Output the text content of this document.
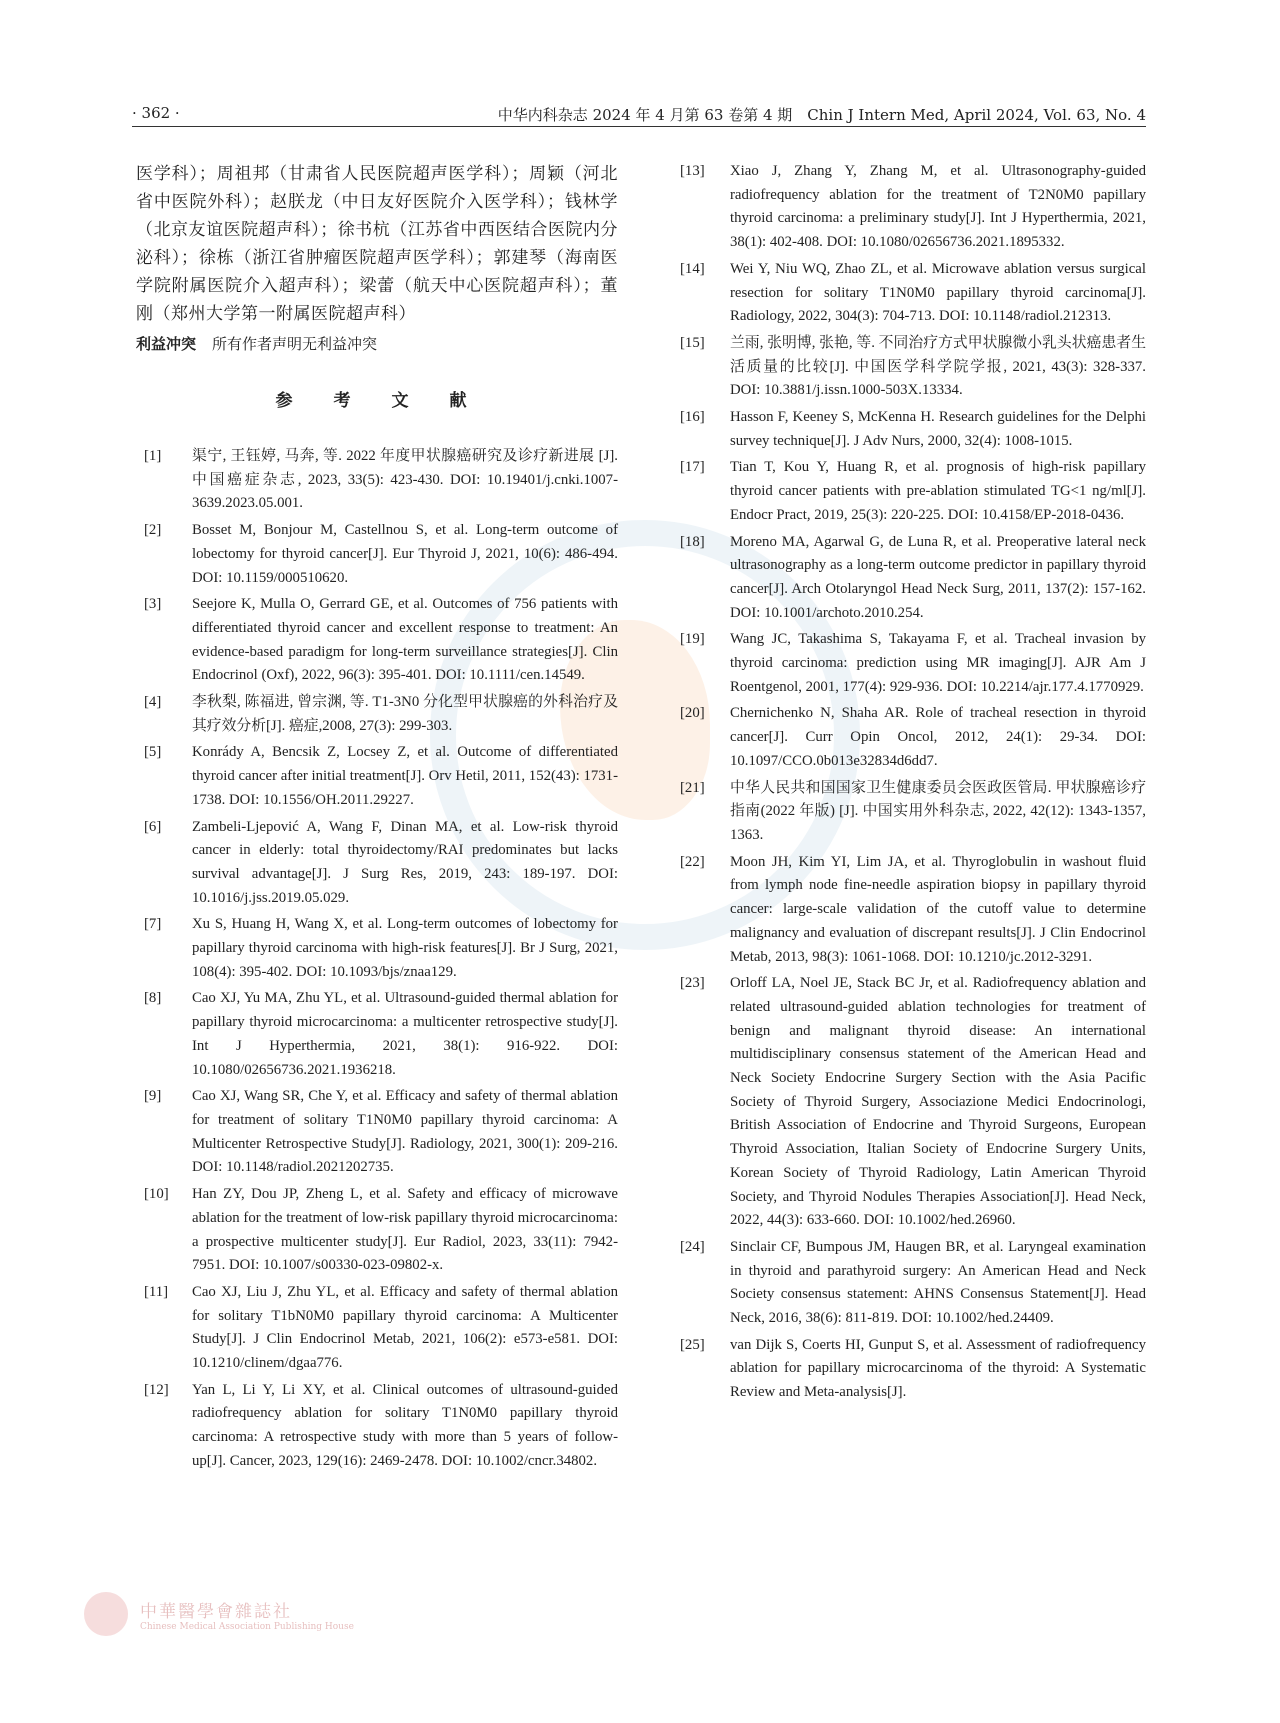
· 362 ·	中华内科杂志 2024 年 4 月第 63 卷第 4 期　Chin J Intern Med, April 2024, Vol. 63, No. 4

医学科）；周祖邦（甘肃省人民医院超声医学科）；周颖（河北省中医院外科）；赵朕龙（中日友好医院介入医学科）；钱林学（北京友谊医院超声科）；徐书杭（江苏省中西医结合医院内分泌科）；徐栋（浙江省肿瘤医院超声医学科）；郭建琴（海南医学院附属医院介入超声科）；梁蕾（航天中心医院超声科）；董刚（郑州大学第一附属医院超声科）

利益冲突 所有作者声明无利益冲突

参　考　文　献
[1]	渠宁, 王钰婷, 马奔, 等. 2022 年度甲状腺癌研究及诊疗新进展 [J]. 中国癌症杂志, 2023, 33(5): 423-430. DOI: 10.19401/j.cnki.1007-3639.2023.05.001.
[2]	Bosset M, Bonjour M, Castellnou S, et al. Long-term outcome of lobectomy for thyroid cancer[J]. Eur Thyroid J, 2021, 10(6): 486-494. DOI: 10.1159/000510620.
[3]	Seejore K, Mulla O, Gerrard GE, et al. Outcomes of 756 patients with differentiated thyroid cancer and excellent response to treatment: An evidence-based paradigm for long-term surveillance strategies[J]. Clin Endocrinol (Oxf), 2022, 96(3): 395-401. DOI: 10.1111/cen.14549.
[4]	李秋梨, 陈福进, 曾宗渊, 等. T1-3N0 分化型甲状腺癌的外科治疗及其疗效分析[J]. 癌症,2008, 27(3): 299-303.
[5]	Konrády A, Bencsik Z, Locsey Z, et al. Outcome of differentiated thyroid cancer after initial treatment[J]. Orv Hetil, 2011, 152(43): 1731-1738. DOI: 10.1556/OH.2011.29227.
[6]	Zambeli-Ljepović A, Wang F, Dinan MA, et al. Low-risk thyroid cancer in elderly: total thyroidectomy/RAI predominates but lacks survival advantage[J]. J Surg Res, 2019, 243: 189-197. DOI: 10.1016/j.jss.2019.05.029.
[7]	Xu S, Huang H, Wang X, et al. Long-term outcomes of lobectomy for papillary thyroid carcinoma with high-risk features[J]. Br J Surg, 2021, 108(4): 395-402. DOI: 10.1093/bjs/znaa129.
[8]	Cao XJ, Yu MA, Zhu YL, et al. Ultrasound-guided thermal ablation for papillary thyroid microcarcinoma: a multicenter retrospective study[J]. Int J Hyperthermia, 2021, 38(1): 916-922. DOI: 10.1080/02656736.2021.1936218.
[9]	Cao XJ, Wang SR, Che Y, et al. Efficacy and safety of thermal ablation for treatment of solitary T1N0M0 papillary thyroid carcinoma: A Multicenter Retrospective Study[J]. Radiology, 2021, 300(1): 209-216. DOI: 10.1148/radiol.2021202735.
[10]	Han ZY, Dou JP, Zheng L, et al. Safety and efficacy of microwave ablation for the treatment of low-risk papillary thyroid microcarcinoma: a prospective multicenter study[J]. Eur Radiol, 2023, 33(11): 7942-7951. DOI: 10.1007/s00330-023-09802-x.
[11]	Cao XJ, Liu J, Zhu YL, et al. Efficacy and safety of thermal ablation for solitary T1bN0M0 papillary thyroid carcinoma: A Multicenter Study[J]. J Clin Endocrinol Metab, 2021, 106(2): e573-e581. DOI: 10.1210/clinem/dgaa776.
[12]	Yan L, Li Y, Li XY, et al. Clinical outcomes of ultrasound-guided radiofrequency ablation for solitary T1N0M0 papillary thyroid carcinoma: A retrospective study with more than 5 years of follow-up[J]. Cancer, 2023, 129(16): 2469-2478. DOI: 10.1002/cncr.34802.
[13]	Xiao J, Zhang Y, Zhang M, et al. Ultrasonography-guided radiofrequency ablation for the treatment of T2N0M0 papillary thyroid carcinoma: a preliminary study[J]. Int J Hyperthermia, 2021, 38(1): 402-408. DOI: 10.1080/02656736.2021.1895332.
[14]	Wei Y, Niu WQ, Zhao ZL, et al. Microwave ablation versus surgical resection for solitary T1N0M0 papillary thyroid carcinoma[J]. Radiology, 2022, 304(3): 704-713. DOI: 10.1148/radiol.212313.
[15]	兰雨, 张明博, 张艳, 等. 不同治疗方式甲状腺微小乳头状癌患者生活质量的比较[J]. 中国医学科学院学报, 2021, 43(3): 328-337. DOI: 10.3881/j.issn.1000-503X.13334.
[16]	Hasson F, Keeney S, McKenna H. Research guidelines for the Delphi survey technique[J]. J Adv Nurs, 2000, 32(4): 1008-1015.
[17]	Tian T, Kou Y, Huang R, et al. prognosis of high-risk papillary thyroid cancer patients with pre-ablation stimulated TG<1 ng/ml[J]. Endocr Pract, 2019, 25(3): 220-225. DOI: 10.4158/EP-2018-0436.
[18]	Moreno MA, Agarwal G, de Luna R, et al. Preoperative lateral neck ultrasonography as a long-term outcome predictor in papillary thyroid cancer[J]. Arch Otolaryngol Head Neck Surg, 2011, 137(2): 157-162. DOI: 10.1001/archoto.2010.254.
[19]	Wang JC, Takashima S, Takayama F, et al. Tracheal invasion by thyroid carcinoma: prediction using MR imaging[J]. AJR Am J Roentgenol, 2001, 177(4): 929-936. DOI: 10.2214/ajr.177.4.1770929.
[20]	Chernichenko N, Shaha AR. Role of tracheal resection in thyroid cancer[J]. Curr Opin Oncol, 2012, 24(1): 29-34. DOI: 10.1097/CCO.0b013e32834d6dd7.
[21]	中华人民共和国国家卫生健康委员会医政医管局. 甲状腺癌诊疗指南(2022 年版) [J]. 中国实用外科杂志, 2022, 42(12): 1343-1357, 1363.
[22]	Moon JH, Kim YI, Lim JA, et al. Thyroglobulin in washout fluid from lymph node fine-needle aspiration biopsy in papillary thyroid cancer: large-scale validation of the cutoff value to determine malignancy and evaluation of discrepant results[J]. J Clin Endocrinol Metab, 2013, 98(3): 1061-1068. DOI: 10.1210/jc.2012-3291.
[23]	Orloff LA, Noel JE, Stack BC Jr, et al. Radiofrequency ablation and related ultrasound-guided ablation technologies for treatment of benign and malignant thyroid disease: An international multidisciplinary consensus statement of the American Head and Neck Society Endocrine Surgery Section with the Asia Pacific Society of Thyroid Surgery, Associazione Medici Endocrinologi, British Association of Endocrine and Thyroid Surgeons, European Thyroid Association, Italian Society of Endocrine Surgery Units, Korean Society of Thyroid Radiology, Latin American Thyroid Society, and Thyroid Nodules Therapies Association[J]. Head Neck, 2022, 44(3): 633-660. DOI: 10.1002/hed.26960.
[24]	Sinclair CF, Bumpous JM, Haugen BR, et al. Laryngeal examination in thyroid and parathyroid surgery: An American Head and Neck Society consensus statement: AHNS Consensus Statement[J]. Head Neck, 2016, 38(6): 811-819. DOI: 10.1002/hed.24409.
[25]	van Dijk S, Coerts HI, Gunput S, et al. Assessment of radiofrequency ablation for papillary microcarcinoma of the thyroid: A Systematic Review and Meta-analysis[J].
中華醫學會雜誌社
Chinese Medical Association Publishing House
